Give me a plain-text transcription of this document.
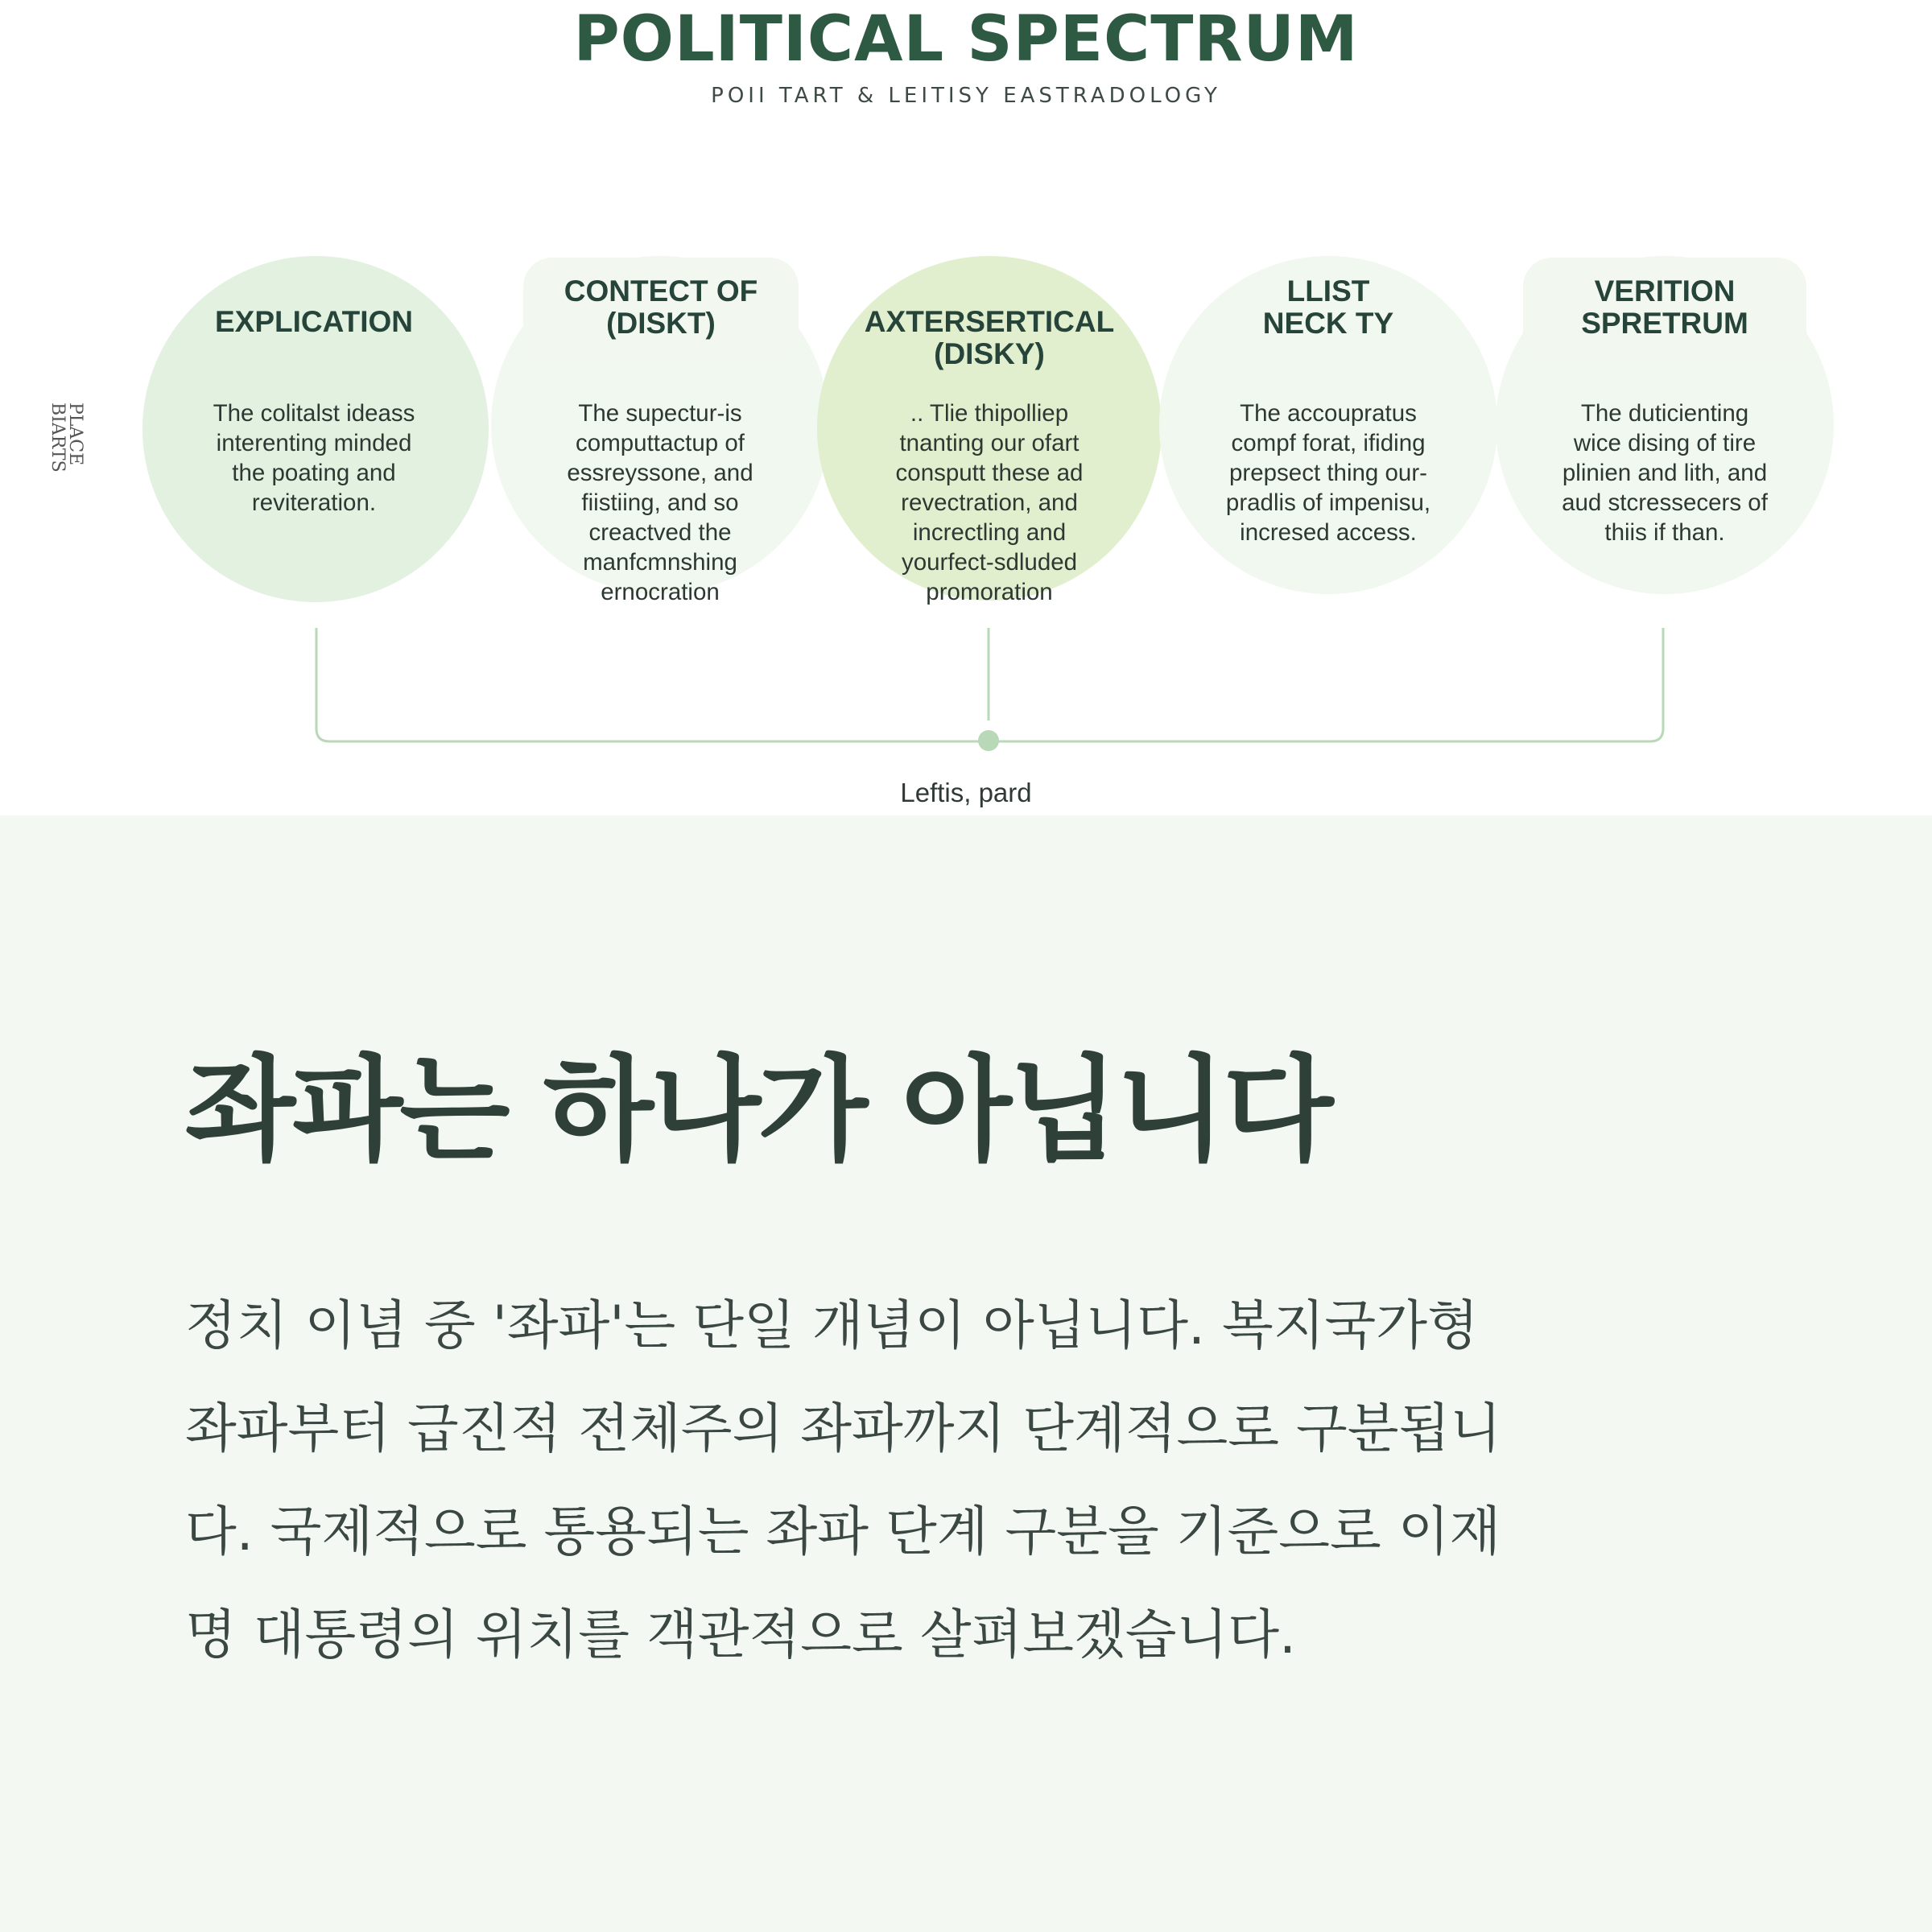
POLITICAL SPECTRUM
POII TART & LEITISY EASTRADOLOGY
PLACE
BIARTS
EXPLICATION
The colitalst ideass
interenting minded
the poating and
reviteration.
CONTECT OF
(DISKT)
The supectur-is
computtactup of
essreyssone, and
fiistiing, and so
creactved the
manfcmnshing
ernocration
AXTERSERTICAL
(DISKY)
.. Tlie thipolliep
tnanting our ofart
consputt these ad
revectration, and
increctling and
yourfect-sdluded
promoration
LLIST
NECK TY
The accoupratus
compf forat, ifiding
prepsect thing our-
pradlis of impenisu,
incresed access.
VERITION
SPRETRUM
The duticienting
wice dising of tire
plinien and lith, and
aud stcressecers of
thiis if than.
Leftis, pard
좌파는 하나가 아닙니다
정치 이념 중 '좌파'는 단일 개념이 아닙니다. 복지국가형
좌파부터 급진적 전체주의 좌파까지 단계적으로 구분됩니
다. 국제적으로 통용되는 좌파 단계 구분을 기준으로 이재
명 대통령의 위치를 객관적으로 살펴보겠습니다.
